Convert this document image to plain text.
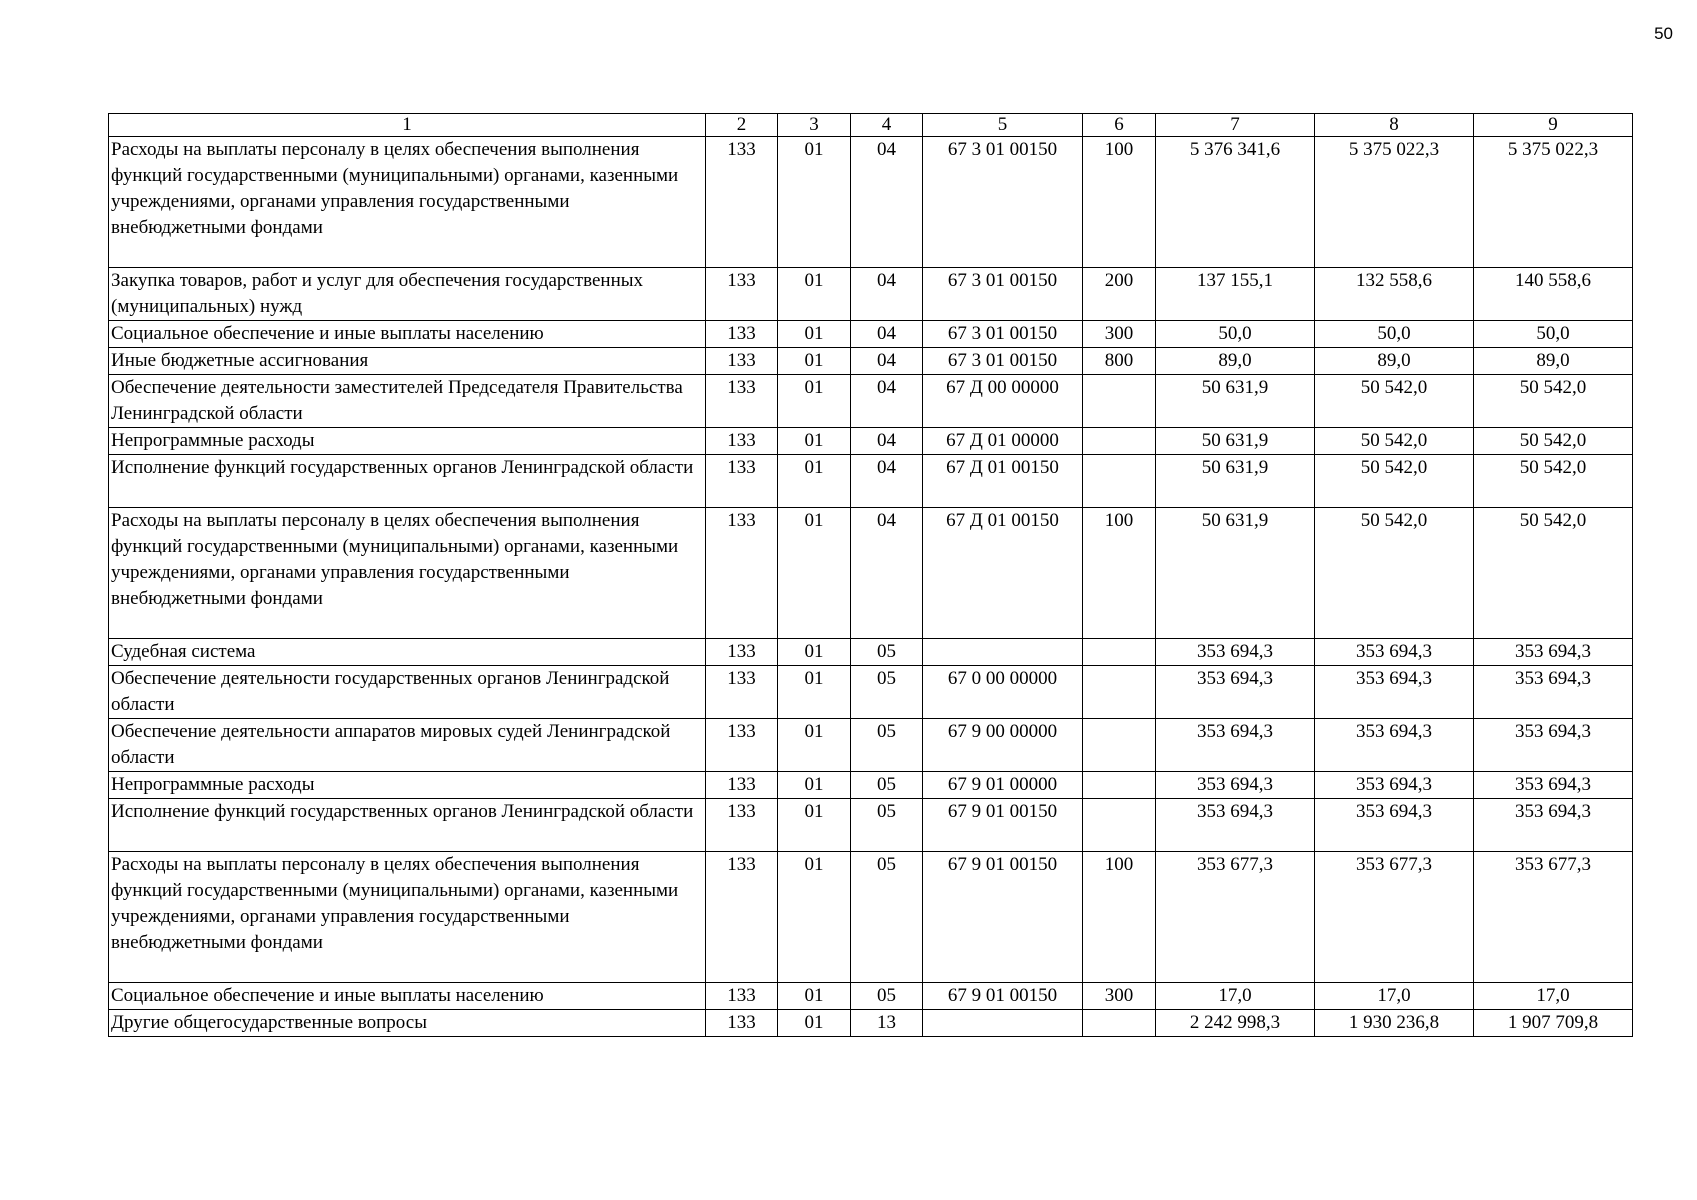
50
1	2	3	4	5	6	7	8	9
Расходы на выплаты персоналу в целях обеспечения выполнения функций государственными (муниципальными) органами, казенными учреждениями, органами управления государственными внебюджетными фондами	133	01	04	67 3 01 00150	100	5 376 341,6	5 375 022,3	5 375 022,3
Закупка товаров, работ и услуг для обеспечения государственных (муниципальных) нужд	133	01	04	67 3 01 00150	200	137 155,1	132 558,6	140 558,6
Социальное обеспечение и иные выплаты населению	133	01	04	67 3 01 00150	300	50,0	50,0	50,0
Иные бюджетные ассигнования	133	01	04	67 3 01 00150	800	89,0	89,0	89,0
Обеспечение деятельности заместителей Председателя Правительства Ленинградской области	133	01	04	67 Д 00 00000		50 631,9	50 542,0	50 542,0
Непрограммные расходы	133	01	04	67 Д 01 00000		50 631,9	50 542,0	50 542,0
Исполнение функций государственных органов Ленинградской области	133	01	04	67 Д 01 00150		50 631,9	50 542,0	50 542,0
Расходы на выплаты персоналу в целях обеспечения выполнения функций государственными (муниципальными) органами, казенными учреждениями, органами управления государственными внебюджетными фондами	133	01	04	67 Д 01 00150	100	50 631,9	50 542,0	50 542,0
Судебная система	133	01	05			353 694,3	353 694,3	353 694,3
Обеспечение деятельности государственных органов Ленинградской области	133	01	05	67 0 00 00000		353 694,3	353 694,3	353 694,3
Обеспечение деятельности аппаратов мировых судей Ленинградской области	133	01	05	67 9 00 00000		353 694,3	353 694,3	353 694,3
Непрограммные расходы	133	01	05	67 9 01 00000		353 694,3	353 694,3	353 694,3
Исполнение функций государственных органов Ленинградской области	133	01	05	67 9 01 00150		353 694,3	353 694,3	353 694,3
Расходы на выплаты персоналу в целях обеспечения выполнения функций государственными (муниципальными) органами, казенными учреждениями, органами управления государственными внебюджетными фондами	133	01	05	67 9 01 00150	100	353 677,3	353 677,3	353 677,3
Социальное обеспечение и иные выплаты населению	133	01	05	67 9 01 00150	300	17,0	17,0	17,0
Другие общегосударственные вопросы	133	01	13			2 242 998,3	1 930 236,8	1 907 709,8
